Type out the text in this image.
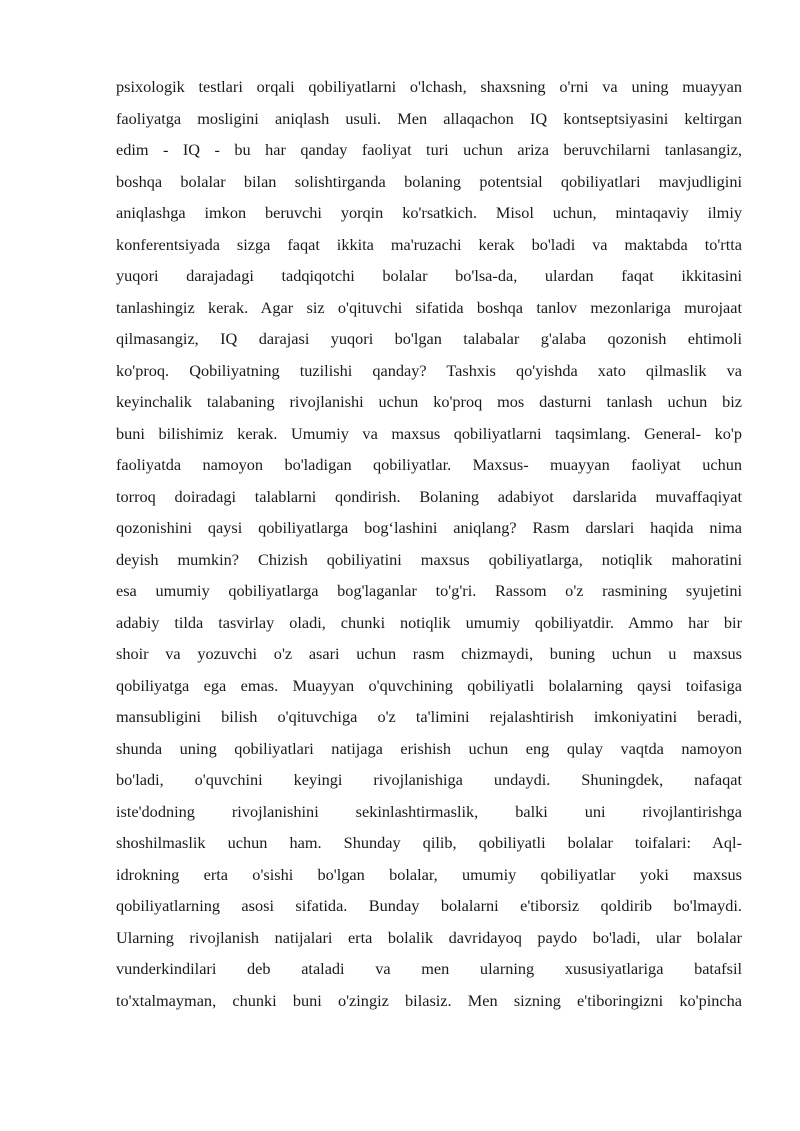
psixologik testlari orqali qobiliyatlarni o'lchash, shaxsning o'rni va uning muayyan
faoliyatga mosligini aniqlash usuli. Men allaqachon IQ kontseptsiyasini keltirgan
edim - IQ - bu har qanday faoliyat turi uchun ariza beruvchilarni tanlasangiz,
boshqa bolalar bilan solishtirganda bolaning potentsial qobiliyatlari mavjudligini
aniqlashga imkon beruvchi yorqin ko'rsatkich. Misol uchun, mintaqaviy ilmiy
konferentsiyada sizga faqat ikkita ma'ruzachi kerak bo'ladi va maktabda to'rtta
yuqori darajadagi tadqiqotchi bolalar bo'lsa-da, ulardan faqat ikkitasini
tanlashingiz kerak. Agar siz o'qituvchi sifatida boshqa tanlov mezonlariga murojaat
qilmasangiz, IQ darajasi yuqori bo'lgan talabalar g'alaba qozonish ehtimoli
ko'proq. Qobiliyatning tuzilishi qanday? Tashxis qo'yishda xato qilmaslik va
keyinchalik talabaning rivojlanishi uchun ko'proq mos dasturni tanlash uchun biz
buni bilishimiz kerak. Umumiy va maxsus qobiliyatlarni taqsimlang. General- ko'p
faoliyatda namoyon bo'ladigan qobiliyatlar. Maxsus- muayyan faoliyat uchun
torroq doiradagi talablarni qondirish. Bolaning adabiyot darslarida muvaffaqiyat
qozonishini qaysi qobiliyatlarga bog‘lashini aniqlang? Rasm darslari haqida nima
deyish mumkin? Chizish qobiliyatini maxsus qobiliyatlarga, notiqlik mahoratini
esa umumiy qobiliyatlarga bog'laganlar to'g'ri. Rassom o'z rasmining syujetini
adabiy tilda tasvirlay oladi, chunki notiqlik umumiy qobiliyatdir. Ammo har bir
shoir va yozuvchi o'z asari uchun rasm chizmaydi, buning uchun u maxsus
qobiliyatga ega emas. Muayyan o'quvchining qobiliyatli bolalarning qaysi toifasiga
mansubligini bilish o'qituvchiga o'z ta'limini rejalashtirish imkoniyatini beradi,
shunda uning qobiliyatlari natijaga erishish uchun eng qulay vaqtda namoyon
bo'ladi, o'quvchini keyingi rivojlanishiga undaydi. Shuningdek, nafaqat
iste'dodning rivojlanishini sekinlashtirmaslik, balki uni rivojlantirishga
shoshilmaslik uchun ham. Shunday qilib, qobiliyatli bolalar toifalari: Aql-
idrokning erta o'sishi bo'lgan bolalar, umumiy qobiliyatlar yoki maxsus
qobiliyatlarning asosi sifatida. Bunday bolalarni e'tiborsiz qoldirib bo'lmaydi.
Ularning rivojlanish natijalari erta bolalik davridayoq paydo bo'ladi, ular bolalar
vunderkindilari deb ataladi va men ularning xususiyatlariga batafsil
to'xtalmayman, chunki buni o'zingiz bilasiz. Men sizning e'tiboringizni ko'pincha
